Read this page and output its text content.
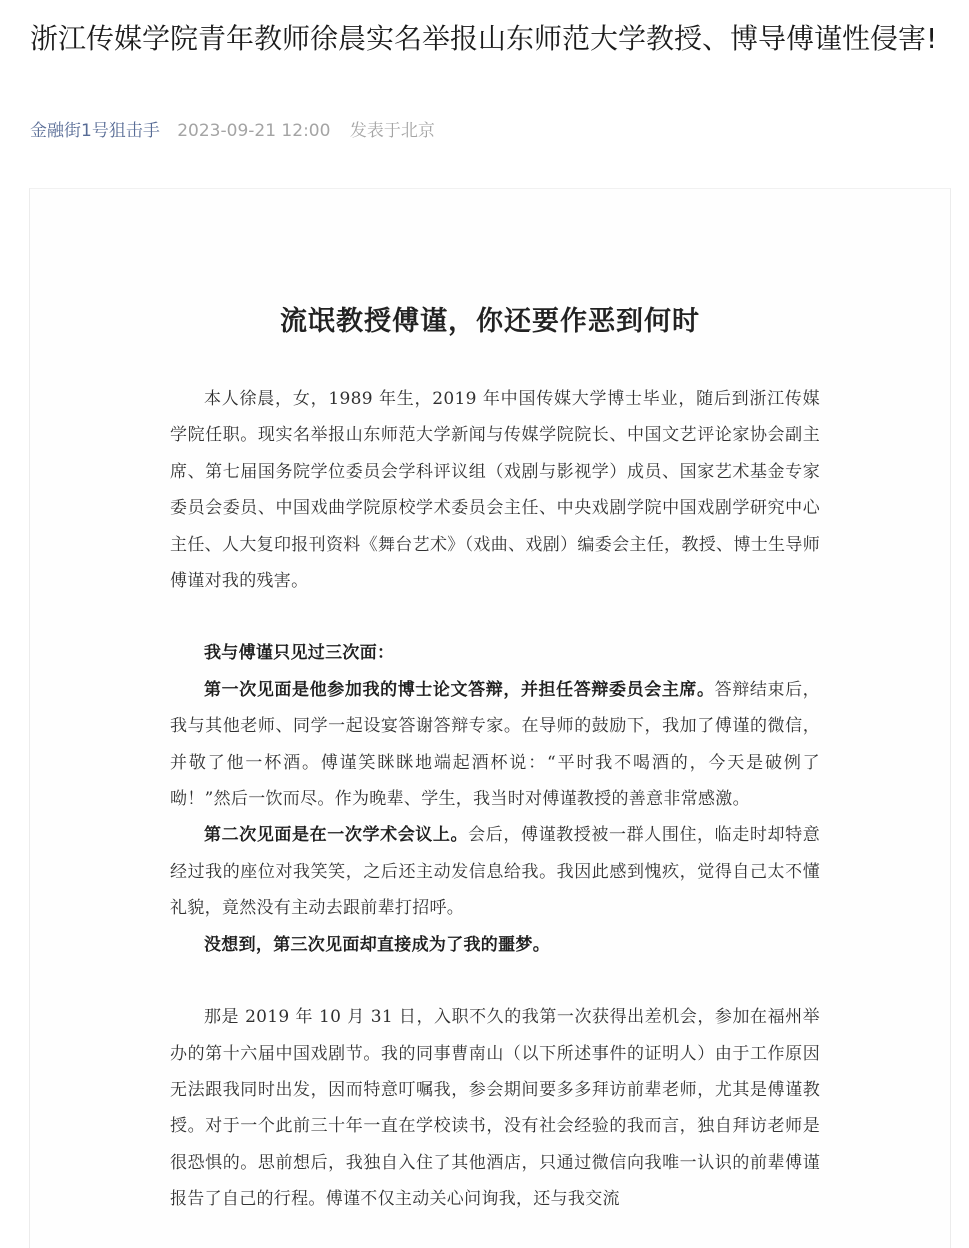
浙江传媒学院青年教师徐晨实名举报山东师范大学教授、博导傅谨性侵害!
金融街1号狙击手 2023-09-21 12:00 发表于北京
流氓教授傅谨，你还要作恶到何时

本人徐晨，女，1989 年生，2019 年中国传媒大学博士毕业，随后到浙江传媒学院任职。现实名举报山东师范大学新闻与传媒学院院长、中国文艺评论家协会副主席、第七届国务院学位委员会学科评议组（戏剧与影视学）成员、国家艺术基金专家委员会委员、中国戏曲学院原校学术委员会主任、中央戏剧学院中国戏剧学研究中心主任、人大复印报刊资料《舞台艺术》（戏曲、戏剧）编委会主任，教授、博士生导师傅谨对我的残害。

我与傅谨只见过三次面：

第一次见面是他参加我的博士论文答辩，并担任答辩委员会主席。答辩结束后，我与其他老师、同学一起设宴答谢答辩专家。在导师的鼓励下，我加了傅谨的微信，并敬了他一杯酒。傅谨笑眯眯地端起酒杯说：“平时我不喝酒的，今天是破例了呦！”然后一饮而尽。作为晚辈、学生，我当时对傅谨教授的善意非常感激。

第二次见面是在一次学术会议上。会后，傅谨教授被一群人围住，临走时却特意经过我的座位对我笑笑，之后还主动发信息给我。我因此感到愧疚，觉得自己太不懂礼貌，竟然没有主动去跟前辈打招呼。

没想到，第三次见面却直接成为了我的噩梦。

那是 2019 年 10 月 31 日，入职不久的我第一次获得出差机会，参加在福州举办的第十六届中国戏剧节。我的同事曹南山（以下所述事件的证明人）由于工作原因无法跟我同时出发，因而特意叮嘱我，参会期间要多多拜访前辈老师，尤其是傅谨教授。对于一个此前三十年一直在学校读书，没有社会经验的我而言，独自拜访老师是很恐惧的。思前想后，我独自入住了其他酒店，只通过微信向我唯一认识的前辈傅谨报告了自己的行程。傅谨不仅主动关心问询我，还与我交流
